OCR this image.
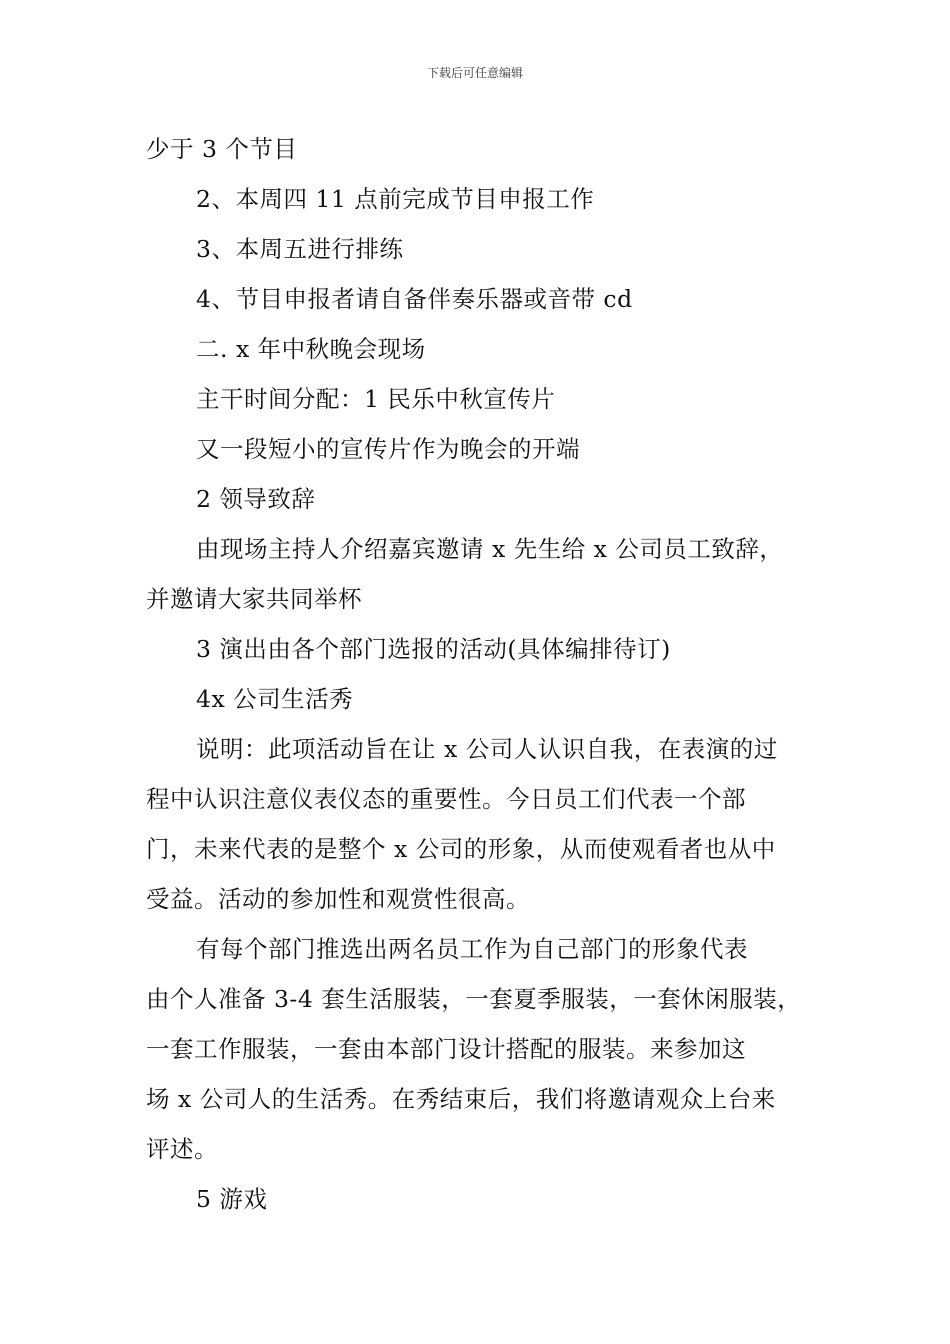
下载后可任意编辑

少于 3 个节目

2、本周四 11 点前完成节目申报工作

3、本周五进行排练

4、节目申报者请自备伴奏乐器或音带 cd

二. x 年中秋晚会现场

主干时间分配：1 民乐中秋宣传片

又一段短小的宣传片作为晚会的开端

2 领导致辞

由现场主持人介绍嘉宾邀请 x 先生给 x 公司员工致辞，
并邀请大家共同举杯

3 演出由各个部门选报的活动(具体编排待订)

4x 公司生活秀

说明：此项活动旨在让 x 公司人认识自我，在表演的过
程中认识注意仪表仪态的重要性。今日员工们代表一个部
门，未来代表的是整个 x 公司的形象，从而使观看者也从中
受益。活动的参加性和观赏性很高。
有每个部门推选出两名员工作为自己部门的形象代表
由个人准备 3-4 套生活服装，一套夏季服装，一套休闲服装，
一套工作服装，一套由本部门设计搭配的服装。来参加这
场 x 公司人的生活秀。在秀结束后，我们将邀请观众上台来
评述。

5 游戏
